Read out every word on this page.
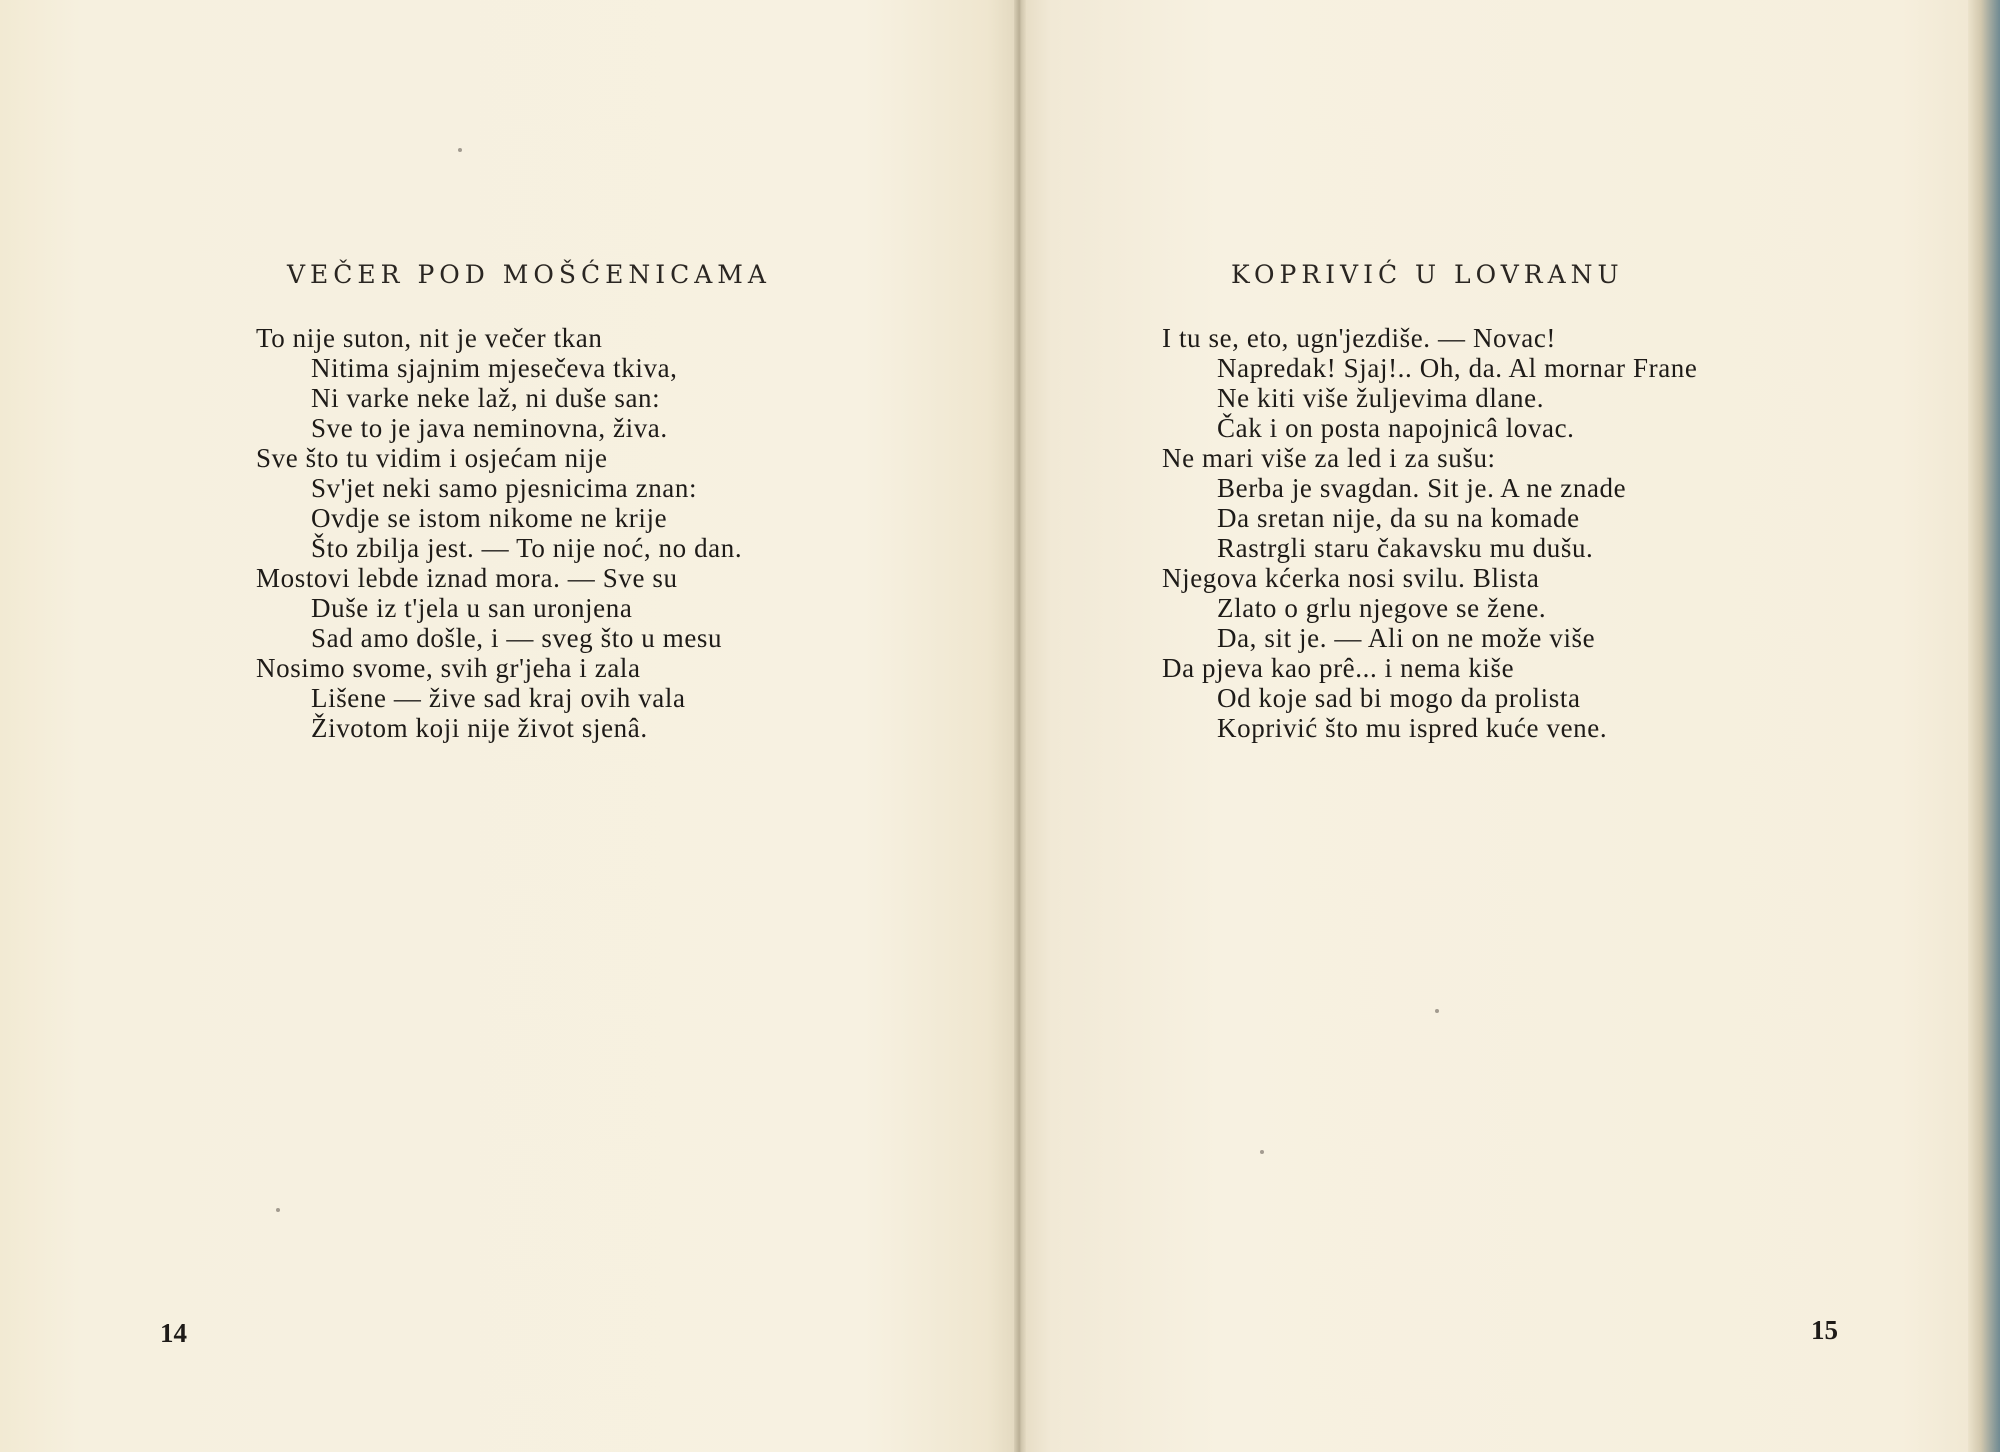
VEČER POD MOŠĆENICAMA
To nije suton, nit je večer tkan
Nitima sjajnim mjesečeva tkiva,
Ni varke neke laž, ni duše san:
Sve to je java neminovna, živa.
Sve što tu vidim i osjećam nije
Sv'jet neki samo pjesnicima znan:
Ovdje se istom nikome ne krije
Što zbilja jest. — To nije noć, no dan.
Mostovi lebde iznad mora. — Sve su
Duše iz t'jela u san uronjena
Sad amo došle, i — sveg što u mesu
Nosimo svome, svih gr'jeha i zala
Lišene — žive sad kraj ovih vala
Životom koji nije život sjenâ.
14
KOPRIVIĆ U LOVRANU
I tu se, eto, ugn'jezdiše. — Novac!
Napredak! Sjaj!.. Oh, da. Al mornar Frane
Ne kiti više žuljevima dlane.
Čak i on posta napojnicâ lovac.
Ne mari više za led i za sušu:
Berba je svagdan. Sit je. A ne znade
Da sretan nije, da su na komade
Rastrgli staru čakavsku mu dušu.
Njegova kćerka nosi svilu. Blista
Zlato o grlu njegove se žene.
Da, sit je. — Ali on ne može više
Da pjeva kao prê... i nema kiše
Od koje sad bi mogo da prolista
Koprivić što mu ispred kuće vene.
15
